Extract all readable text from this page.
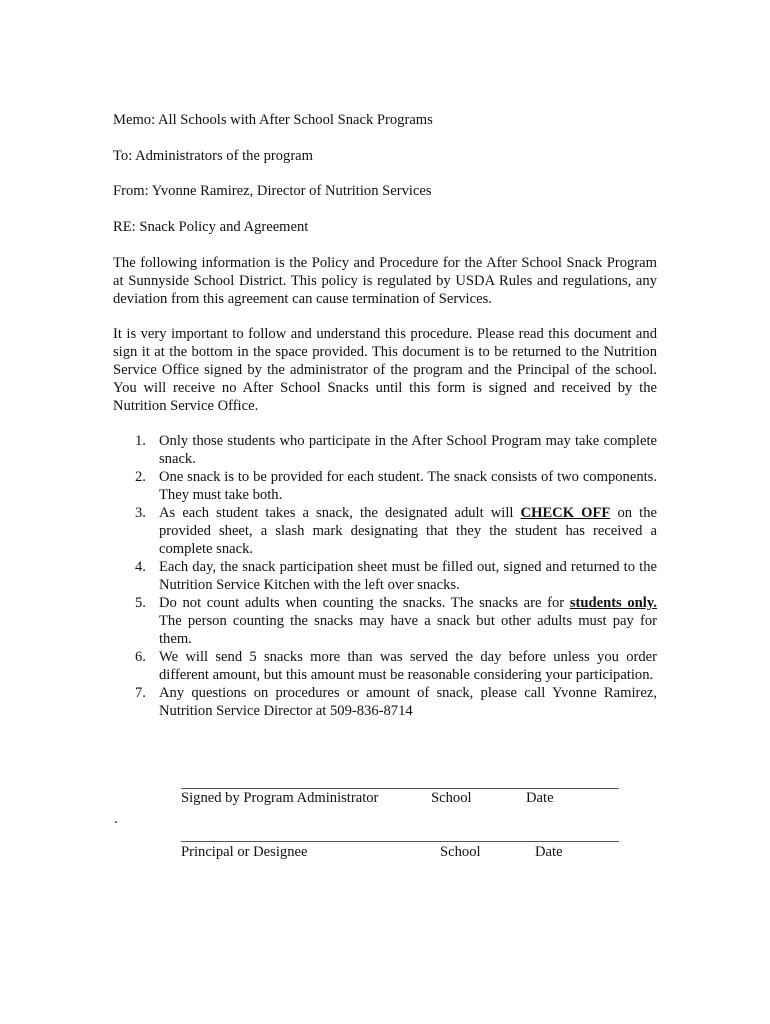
Memo: All Schools with After School Snack Programs
To: Administrators of the program
From: Yvonne Ramirez, Director of Nutrition Services
RE: Snack Policy and Agreement
The following information is the Policy and Procedure for the After School Snack Program at Sunnyside School District. This policy is regulated by USDA Rules and regulations, any deviation from this agreement can cause termination of Services.
It is very important to follow and understand this procedure. Please read this document and sign it at the bottom in the space provided. This document is to be returned to the Nutrition Service Office signed by the administrator of the program and the Principal of the school. You will receive no After School Snacks until this form is signed and received by the Nutrition Service Office.
1. Only those students who participate in the After School Program may take complete snack.
2. One snack is to be provided for each student. The snack consists of two components. They must take both.
3. As each student takes a snack, the designated adult will CHECK OFF on the provided sheet, a slash mark designating that they the student has received a complete snack.
4. Each day, the snack participation sheet must be filled out, signed and returned to the Nutrition Service Kitchen with the left over snacks.
5. Do not count adults when counting the snacks. The snacks are for students only. The person counting the snacks may have a snack but other adults must pay for them.
6. We will send 5 snacks more than was served the day before unless you order different amount, but this amount must be reasonable considering your participation.
7. Any questions on procedures or amount of snack, please call Yvonne Ramirez, Nutrition Service Director at 509-836-8714
Signed by Program Administrator	School	Date
.
Principal or Designee	School	Date
